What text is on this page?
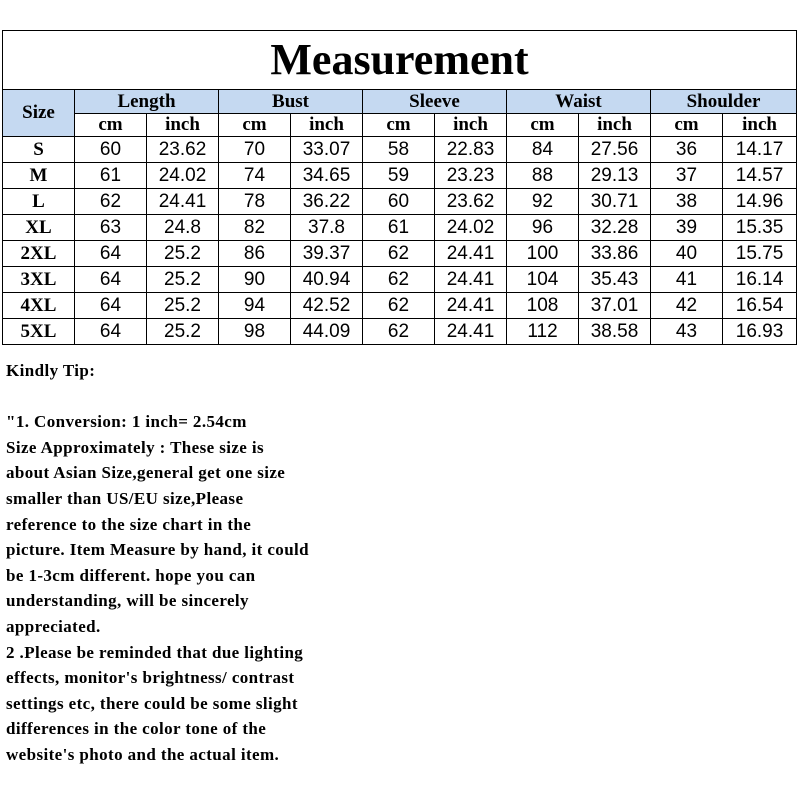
Measurement										
Size	Length		Bust		Sleeve		Waist		Shoulder	
	cm	inch	cm	inch	cm	inch	cm	inch	cm	inch
S	60	23.62	70	33.07	58	22.83	84	27.56	36	14.17
M	61	24.02	74	34.65	59	23.23	88	29.13	37	14.57
L	62	24.41	78	36.22	60	23.62	92	30.71	38	14.96
XL	63	24.8	82	37.8	61	24.02	96	32.28	39	15.35
2XL	64	25.2	86	39.37	62	24.41	100	33.86	40	15.75
3XL	64	25.2	90	40.94	62	24.41	104	35.43	41	16.14
4XL	64	25.2	94	42.52	62	24.41	108	37.01	42	16.54
5XL	64	25.2	98	44.09	62	24.41	112	38.58	43	16.93

Kindly Tip:

"1. Conversion: 1 inch= 2.54cm

Size Approximately : These size is

about Asian Size,general get one size

smaller than US/EU size,Please

reference to the size chart in the

picture. Item Measure by hand, it could

be 1-3cm different. hope you can

understanding, will be sincerely

appreciated.

2 .Please be reminded that due lighting

effects, monitor's brightness/ contrast

settings etc, there could be some slight

differences in the color tone of the

website's photo and the actual item.
